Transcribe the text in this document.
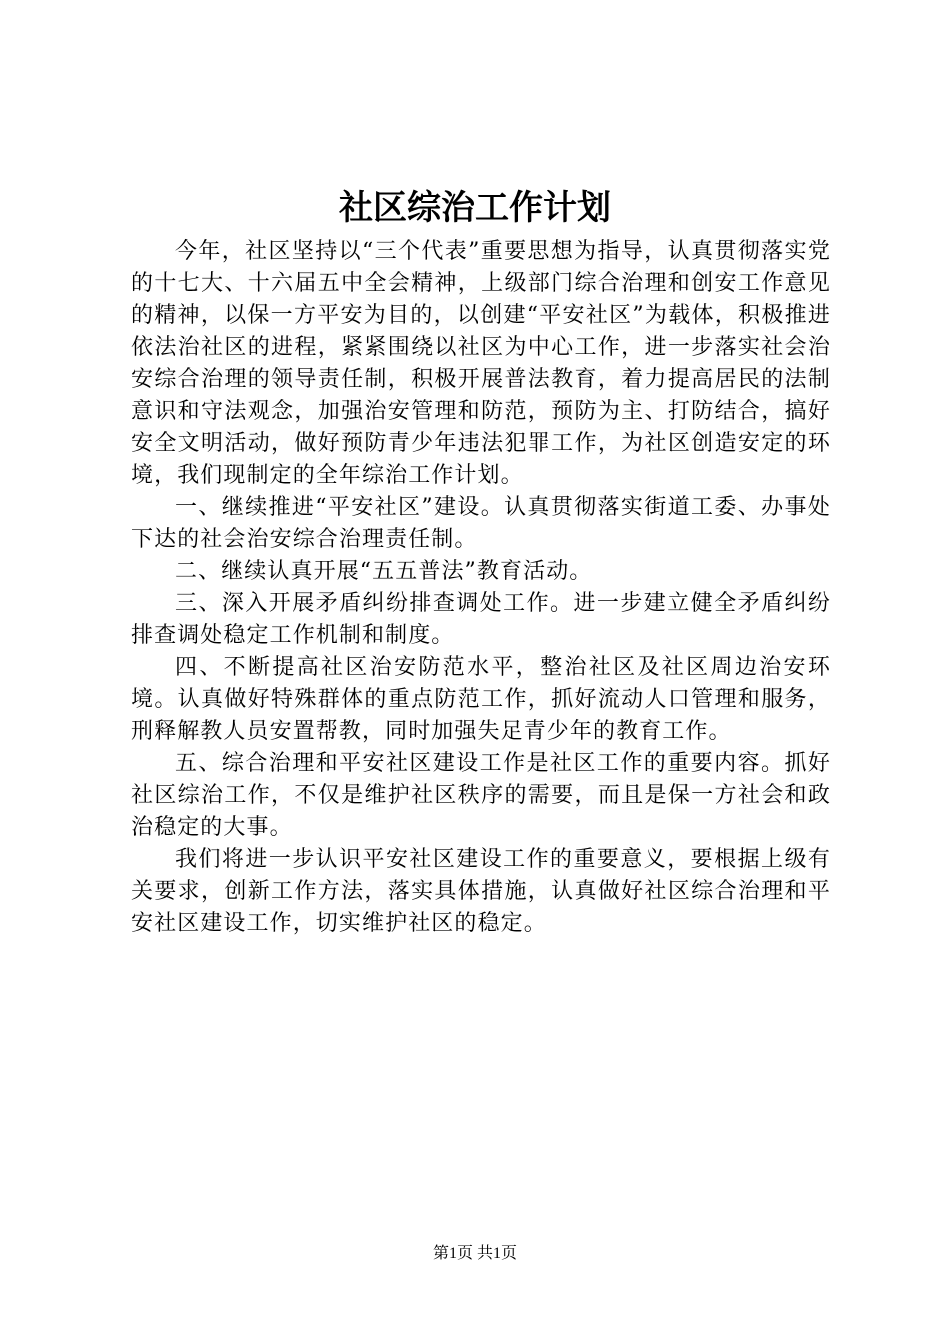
社区综治工作计划

今年，社区坚持以“三个代表”重要思想为指导，认真贯彻落实党的十七大、十六届五中全会精神，上级部门综合治理和创安工作意见的精神，以保一方平安为目的，以创建“平安社区”为载体，积极推进依法治社区的进程，紧紧围绕以社区为中心工作，进一步落实社会治安综合治理的领导责任制，积极开展普法教育，着力提高居民的法制意识和守法观念，加强治安管理和防范，预防为主、打防结合，搞好安全文明活动，做好预防青少年违法犯罪工作，为社区创造安定的环境，我们现制定的全年综治工作计划。

一、继续推进“平安社区”建设。认真贯彻落实街道工委、办事处下达的社会治安综合治理责任制。

二、继续认真开展“五五普法”教育活动。

三、深入开展矛盾纠纷排查调处工作。进一步建立健全矛盾纠纷排查调处稳定工作机制和制度。

四、不断提高社区治安防范水平，整治社区及社区周边治安环境。认真做好特殊群体的重点防范工作，抓好流动人口管理和服务，刑释解教人员安置帮教，同时加强失足青少年的教育工作。

五、综合治理和平安社区建设工作是社区工作的重要内容。抓好社区综治工作，不仅是维护社区秩序的需要，而且是保一方社会和政治稳定的大事。

我们将进一步认识平安社区建设工作的重要意义，要根据上级有关要求，创新工作方法，落实具体措施，认真做好社区综合治理和平安社区建设工作，切实维护社区的稳定。

第1页 共1页
